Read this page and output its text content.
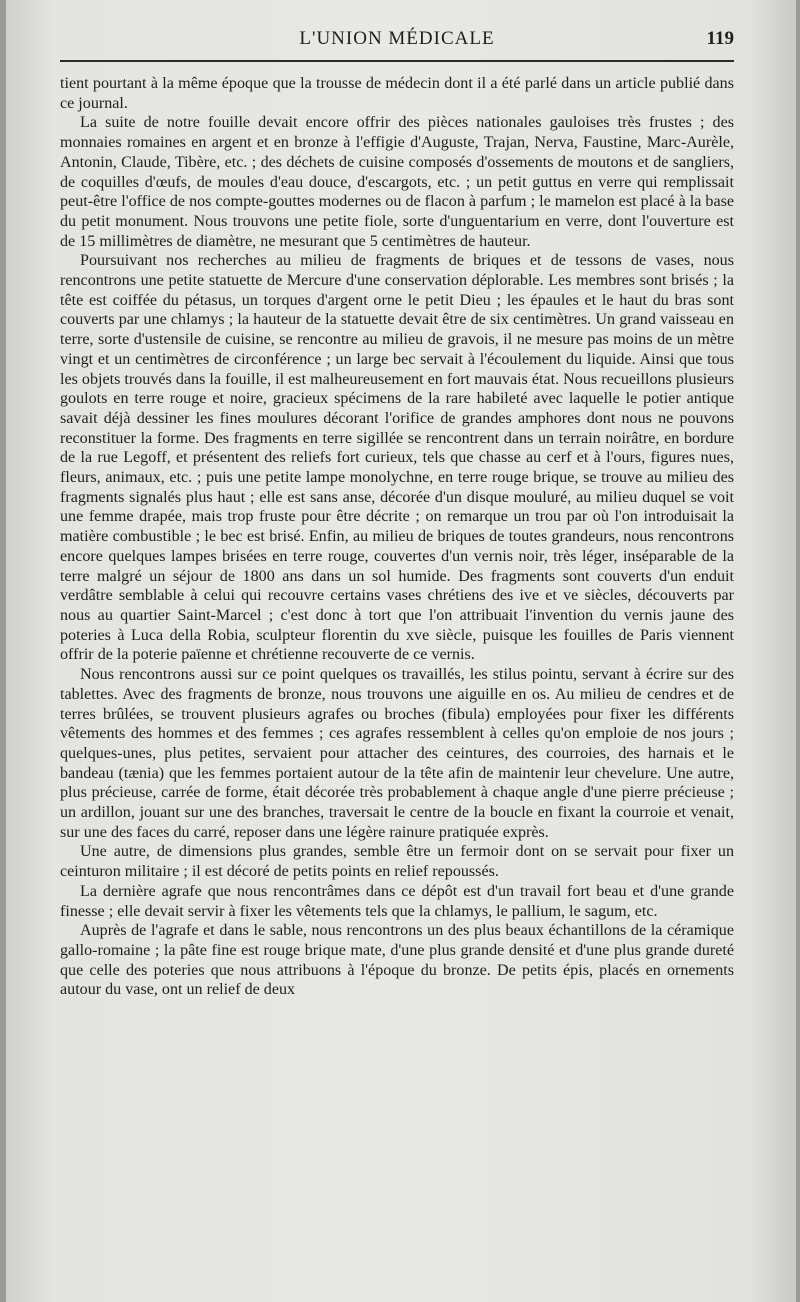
L'UNION MÉDICALE	119

tient pourtant à la même époque que la trousse de médecin dont il a été parlé dans un article publié dans ce journal.

La suite de notre fouille devait encore offrir des pièces nationales gauloises très frustes ; des monnaies romaines en argent et en bronze à l'effigie d'Auguste, Trajan, Nerva, Faustine, Marc-Aurèle, Antonin, Claude, Tibère, etc. ; des déchets de cuisine composés d'ossements de moutons et de sangliers, de coquilles d'œufs, de moules d'eau douce, d'escargots, etc. ; un petit guttus en verre qui remplissait peut-être l'office de nos compte-gouttes modernes ou de flacon à parfum ; le mamelon est placé à la base du petit monument. Nous trouvons une petite fiole, sorte d'unguentarium en verre, dont l'ouverture est de 15 millimètres de diamètre, ne mesurant que 5 centimètres de hauteur.

Poursuivant nos recherches au milieu de fragments de briques et de tessons de vases, nous rencontrons une petite statuette de Mercure d'une conservation déplorable. Les membres sont brisés ; la tête est coiffée du pétasus, un torques d'argent orne le petit Dieu ; les épaules et le haut du bras sont couverts par une chlamys ; la hauteur de la statuette devait être de six centimètres. Un grand vaisseau en terre, sorte d'ustensile de cuisine, se rencontre au milieu de gravois, il ne mesure pas moins de un mètre vingt et un centimètres de circonférence ; un large bec servait à l'écoulement du liquide. Ainsi que tous les objets trouvés dans la fouille, il est malheureusement en fort mauvais état. Nous recueillons plusieurs goulots en terre rouge et noire, gracieux spécimens de la rare habileté avec laquelle le potier antique savait déjà dessiner les fines moulures décorant l'orifice de grandes amphores dont nous ne pouvons reconstituer la forme. Des fragments en terre sigillée se rencontrent dans un terrain noirâtre, en bordure de la rue Legoff, et présentent des reliefs fort curieux, tels que chasse au cerf et à l'ours, figures nues, fleurs, animaux, etc. ; puis une petite lampe monolychne, en terre rouge brique, se trouve au milieu des fragments signalés plus haut ; elle est sans anse, décorée d'un disque mouluré, au milieu duquel se voit une femme drapée, mais trop fruste pour être décrite ; on remarque un trou par où l'on introduisait la matière combustible ; le bec est brisé. Enfin, au milieu de briques de toutes grandeurs, nous rencontrons encore quelques lampes brisées en terre rouge, couvertes d'un vernis noir, très léger, inséparable de la terre malgré un séjour de 1800 ans dans un sol humide. Des fragments sont couverts d'un enduit verdâtre semblable à celui qui recouvre certains vases chrétiens des ive et ve siècles, découverts par nous au quartier Saint-Marcel ; c'est donc à tort que l'on attribuait l'invention du vernis jaune des poteries à Luca della Robia, sculpteur florentin du xve siècle, puisque les fouilles de Paris viennent offrir de la poterie païenne et chrétienne recouverte de ce vernis.

Nous rencontrons aussi sur ce point quelques os travaillés, les stilus pointu, servant à écrire sur des tablettes. Avec des fragments de bronze, nous trouvons une aiguille en os. Au milieu de cendres et de terres brûlées, se trouvent plusieurs agrafes ou broches (fibula) employées pour fixer les différents vêtements des hommes et des femmes ; ces agrafes ressemblent à celles qu'on emploie de nos jours ; quelques-unes, plus petites, servaient pour attacher des ceintures, des courroies, des harnais et le bandeau (tænia) que les femmes portaient autour de la tête afin de maintenir leur chevelure. Une autre, plus précieuse, carrée de forme, était décorée très probablement à chaque angle d'une pierre précieuse ; un ardillon, jouant sur une des branches, traversait le centre de la boucle en fixant la courroie et venait, sur une des faces du carré, reposer dans une légère rainure pratiquée exprès.

Une autre, de dimensions plus grandes, semble être un fermoir dont on se servait pour fixer un ceinturon militaire ; il est décoré de petits points en relief repoussés.

La dernière agrafe que nous rencontrâmes dans ce dépôt est d'un travail fort beau et d'une grande finesse ; elle devait servir à fixer les vêtements tels que la chlamys, le pallium, le sagum, etc.

Auprès de l'agrafe et dans le sable, nous rencontrons un des plus beaux échantillons de la céramique gallo-romaine ; la pâte fine est rouge brique mate, d'une plus grande densité et d'une plus grande dureté que celle des poteries que nous attribuons à l'époque du bronze. De petits épis, placés en ornements autour du vase, ont un relief de deux
